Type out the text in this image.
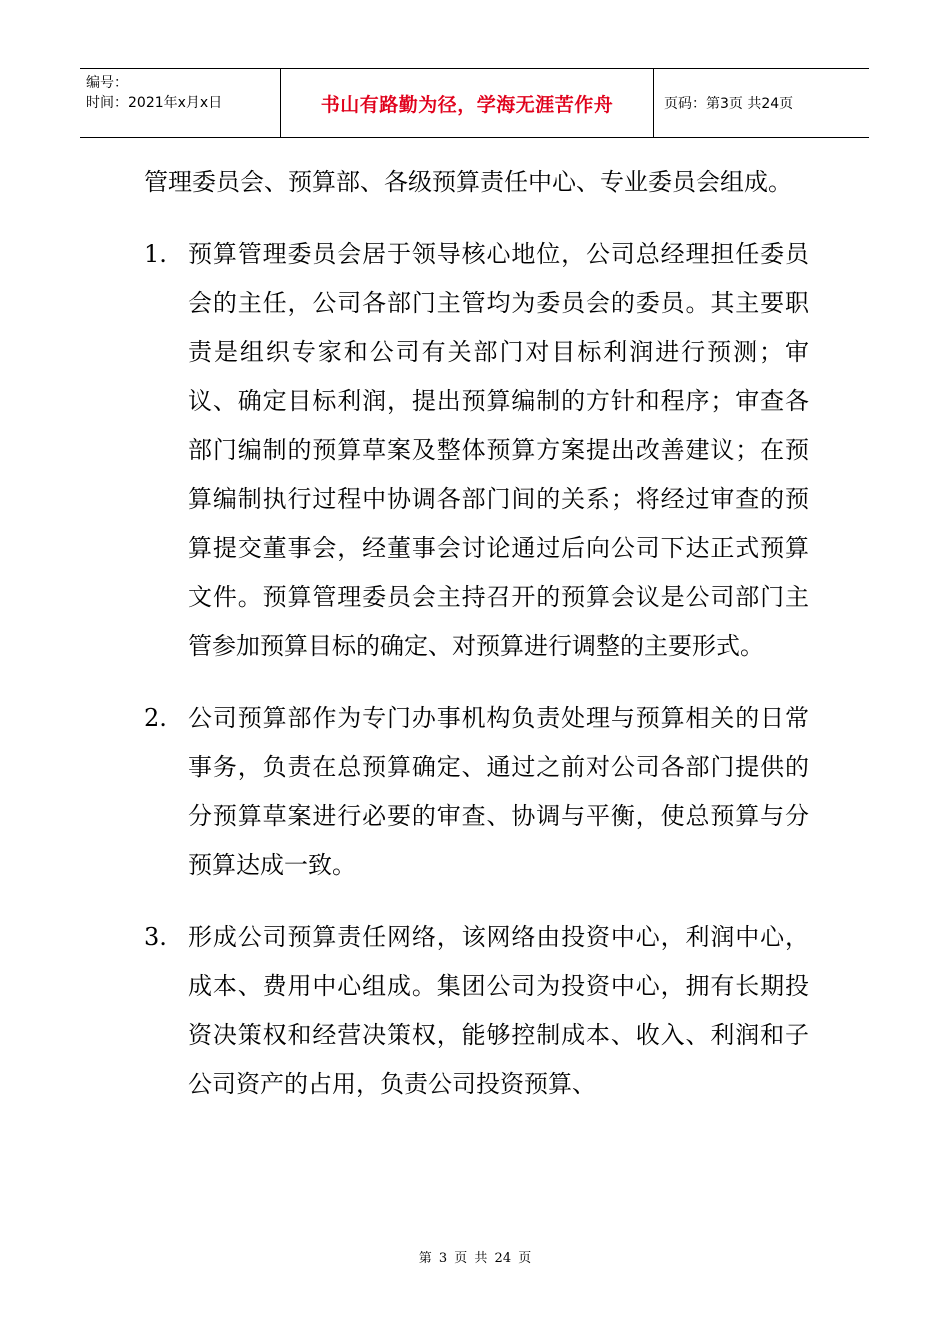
编号：
时间：2021年x月x日	书山有路勤为径，学海无涯苦作舟	页码：第3页 共24页

管理委员会、预算部、各级预算责任中心、专业委员会组成。

1. 预算管理委员会居于领导核心地位，公司总经理担任委员会的主任，公司各部门主管均为委员会的委员。其主要职责是组织专家和公司有关部门对目标利润进行预测；审议、确定目标利润，提出预算编制的方针和程序；审查各部门编制的预算草案及整体预算方案提出改善建议；在预算编制执行过程中协调各部门间的关系；将经过审查的预算提交董事会，经董事会讨论通过后向公司下达正式预算文件。预算管理委员会主持召开的预算会议是公司部门主管参加预算目标的确定、对预算进行调整的主要形式。

2. 公司预算部作为专门办事机构负责处理与预算相关的日常事务，负责在总预算确定、通过之前对公司各部门提供的分预算草案进行必要的审查、协调与平衡，使总预算与分预算达成一致。

3. 形成公司预算责任网络，该网络由投资中心，利润中心，成本、费用中心组成。集团公司为投资中心，拥有长期投资决策权和经营决策权，能够控制成本、收入、利润和子公司资产的占用，负责公司投资预算、

第 3 页 共 24 页
